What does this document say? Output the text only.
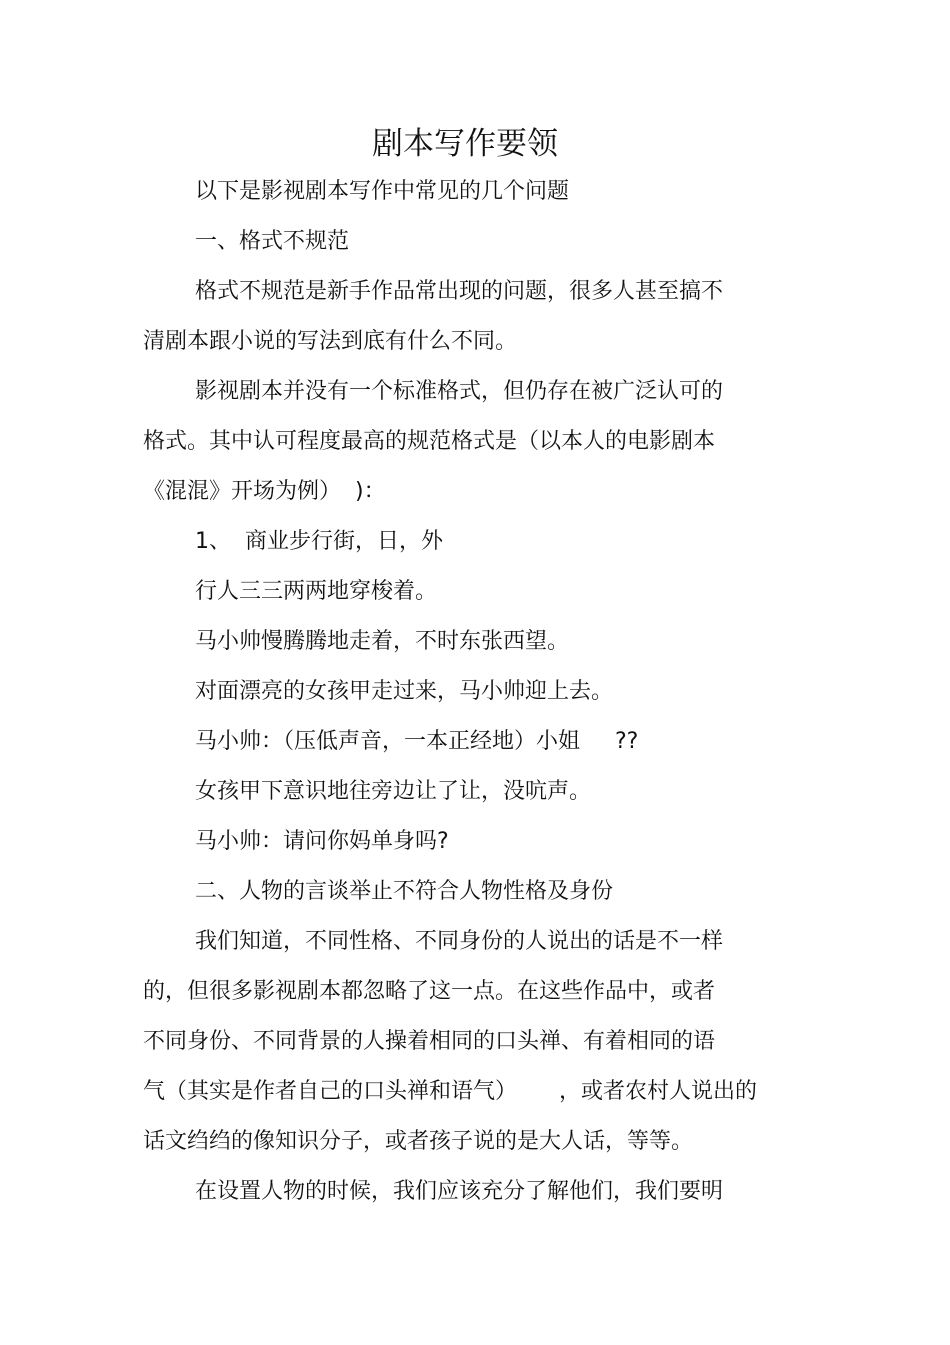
剧本写作要领
以下是影视剧本写作中常见的几个问题
一、格式不规范
格式不规范是新手作品常出现的问题，很多人甚至搞不
清剧本跟小说的写法到底有什么不同。
影视剧本并没有一个标准格式，但仍存在被广泛认可的
格式。其中认可程度最高的规范格式是（以本人的电影剧本
《混混》开场为例）  )：
1、  商业步行街，日，外
行人三三两两地穿梭着。
马小帅慢腾腾地走着，不时东张西望。
对面漂亮的女孩甲走过来，马小帅迎上去。
马小帅：（压低声音，一本正经地）小姐     ??
女孩甲下意识地往旁边让了让，没吭声。
马小帅：请问你妈单身吗?
二、人物的言谈举止不符合人物性格及身份
我们知道，不同性格、不同身份的人说出的话是不一样
的，但很多影视剧本都忽略了这一点。在这些作品中，或者
不同身份、不同背景的人操着相同的口头禅、有着相同的语
气（其实是作者自己的口头禅和语气）      ，或者农村人说出的
话文绉绉的像知识分子，或者孩子说的是大人话，等等。
在设置人物的时候，我们应该充分了解他们，我们要明
